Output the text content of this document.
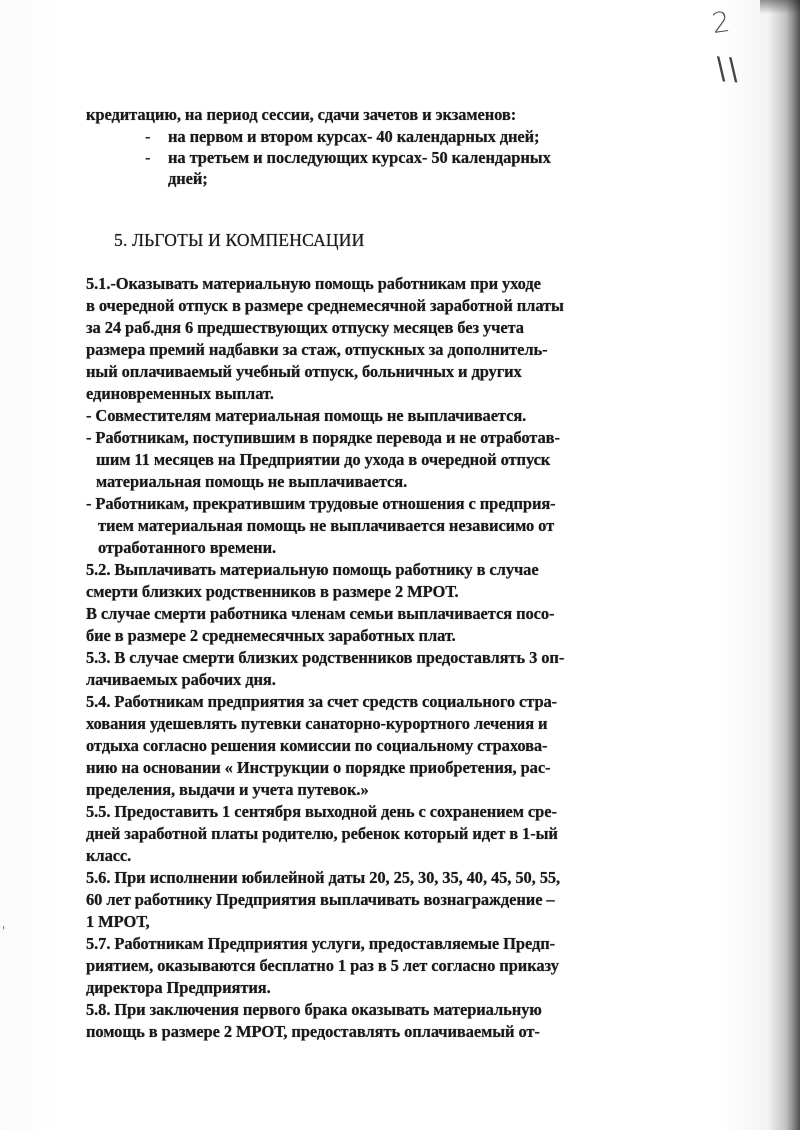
2

\\

'

кредитацию, на период сессии, сдачи зачетов и экзаменов:

- на первом и втором курсах- 40 календарных дней;

- на третьем и последующих курсах- 50 календарных

дней;

5. ЛЬГОТЫ И КОМПЕНСАЦИИ

5.1.-Оказывать материальную помощь работникам при уходе

в очередной отпуск в размере среднемесячной заработной платы

за 24 раб.дня 6 предшествующих отпуску месяцев без учета

размера премий надбавки за стаж, отпускных за дополнитель-

ный оплачиваемый учебный отпуск, больничных и других

единовременных выплат.

- Совместителям материальная помощь не выплачивается.

- Работникам, поступившим в порядке перевода и не отработав-

шим 11 месяцев на Предприятии до ухода в очередной отпуск

материальная помощь не выплачивается.

- Работникам, прекратившим трудовые отношения с предприя-

тием материальная помощь не выплачивается независимо от

отработанного времени.

5.2. Выплачивать материальную помощь работнику в случае

смерти близких родственников в размере 2 МРОТ.

В случае смерти работника членам семьи выплачивается посо-

бие в размере 2 среднемесячных заработных плат.

5.3. В случае смерти близких родственников предоставлять 3 оп-

лачиваемых рабочих дня.

5.4. Работникам предприятия за счет средств социального стра-

хования удешевлять путевки санаторно-курортного лечения и

отдыха согласно решения комиссии по социальному страхова-

нию на основании « Инструкции о порядке приобретения, рас-

пределения, выдачи и учета путевок.»

5.5. Предоставить 1 сентября выходной день с сохранением сре-

дней заработной платы родителю, ребенок который идет в 1-ый

класс.

5.6. При исполнении юбилейной даты 20, 25, 30, 35, 40, 45, 50, 55,

60 лет работнику Предприятия выплачивать вознаграждение –

1 МРОТ,

5.7. Работникам Предприятия услуги, предоставляемые Предп-

риятием, оказываются бесплатно 1 раз в 5 лет согласно приказу

директора Предприятия.

5.8. При заключения первого брака оказывать материальную

помощь в размере 2 МРОТ, предоставлять оплачиваемый от-
